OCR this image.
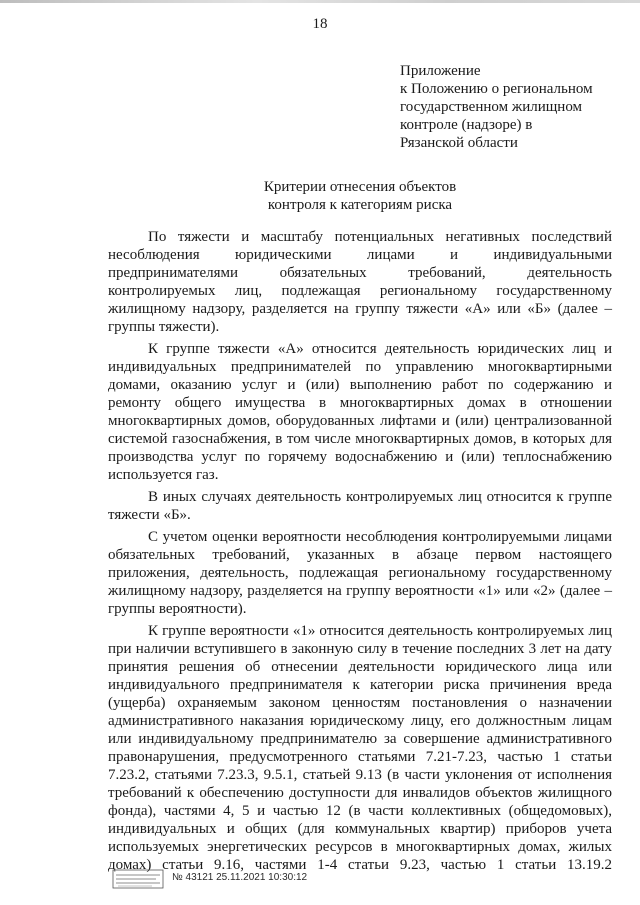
18
Приложение
к Положению о региональном
государственном жилищном
контроле (надзоре) в
Рязанской области
Критерии отнесения объектов
контроля к категориям риска

По тяжести и масштабу потенциальных негативных последствий
несоблюдения юридическими лицами и индивидуальными
предпринимателями обязательных требований, деятельность
контролируемых лиц, подлежащая региональному государственному
жилищному надзору, разделяется на группу тяжести «А» или «Б» (далее –
группы тяжести).

К группе тяжести «А» относится деятельность юридических лиц и
индивидуальных предпринимателей по управлению многоквартирными
домами, оказанию услуг и (или) выполнению работ по содержанию и
ремонту общего имущества в многоквартирных домах в отношении
многоквартирных домов, оборудованных лифтами и (или) централизованной
системой газоснабжения, в том числе многоквартирных домов, в которых для
производства услуг по горячему водоснабжению и (или) теплоснабжению
используется газ.

В иных случаях деятельность контролируемых лиц относится к группе
тяжести «Б».

С учетом оценки вероятности несоблюдения контролируемыми лицами
обязательных требований, указанных в абзаце первом настоящего
приложения, деятельность, подлежащая региональному государственному
жилищному надзору, разделяется на группу вероятности «1» или «2» (далее –
группы вероятности).

К группе вероятности «1» относится деятельность контролируемых лиц
при наличии вступившего в законную силу в течение последних 3 лет на дату
принятия решения об отнесении деятельности юридического лица или
индивидуального предпринимателя к категории риска причинения вреда
(ущерба) охраняемым законом ценностям постановления о назначении
административного наказания юридическому лицу, его должностным лицам
или индивидуальному предпринимателю за совершение административного
правонарушения, предусмотренного статьями 7.21-7.23, частью 1 статьи
7.23.2, статьями 7.23.3, 9.5.1, статьей 9.13 (в части уклонения от исполнения
требований к обеспечению доступности для инвалидов объектов жилищного
фонда), частями 4, 5 и частью 12 (в части коллективных (общедомовых),
индивидуальных и общих (для коммунальных квартир) приборов учета
используемых энергетических ресурсов в многоквартирных домах, жилых
домах) статьи 9.16, частями 1-4 статьи 9.23, частью 1 статьи 13.19.2

№ 43121 25.11.2021 10:30:12
